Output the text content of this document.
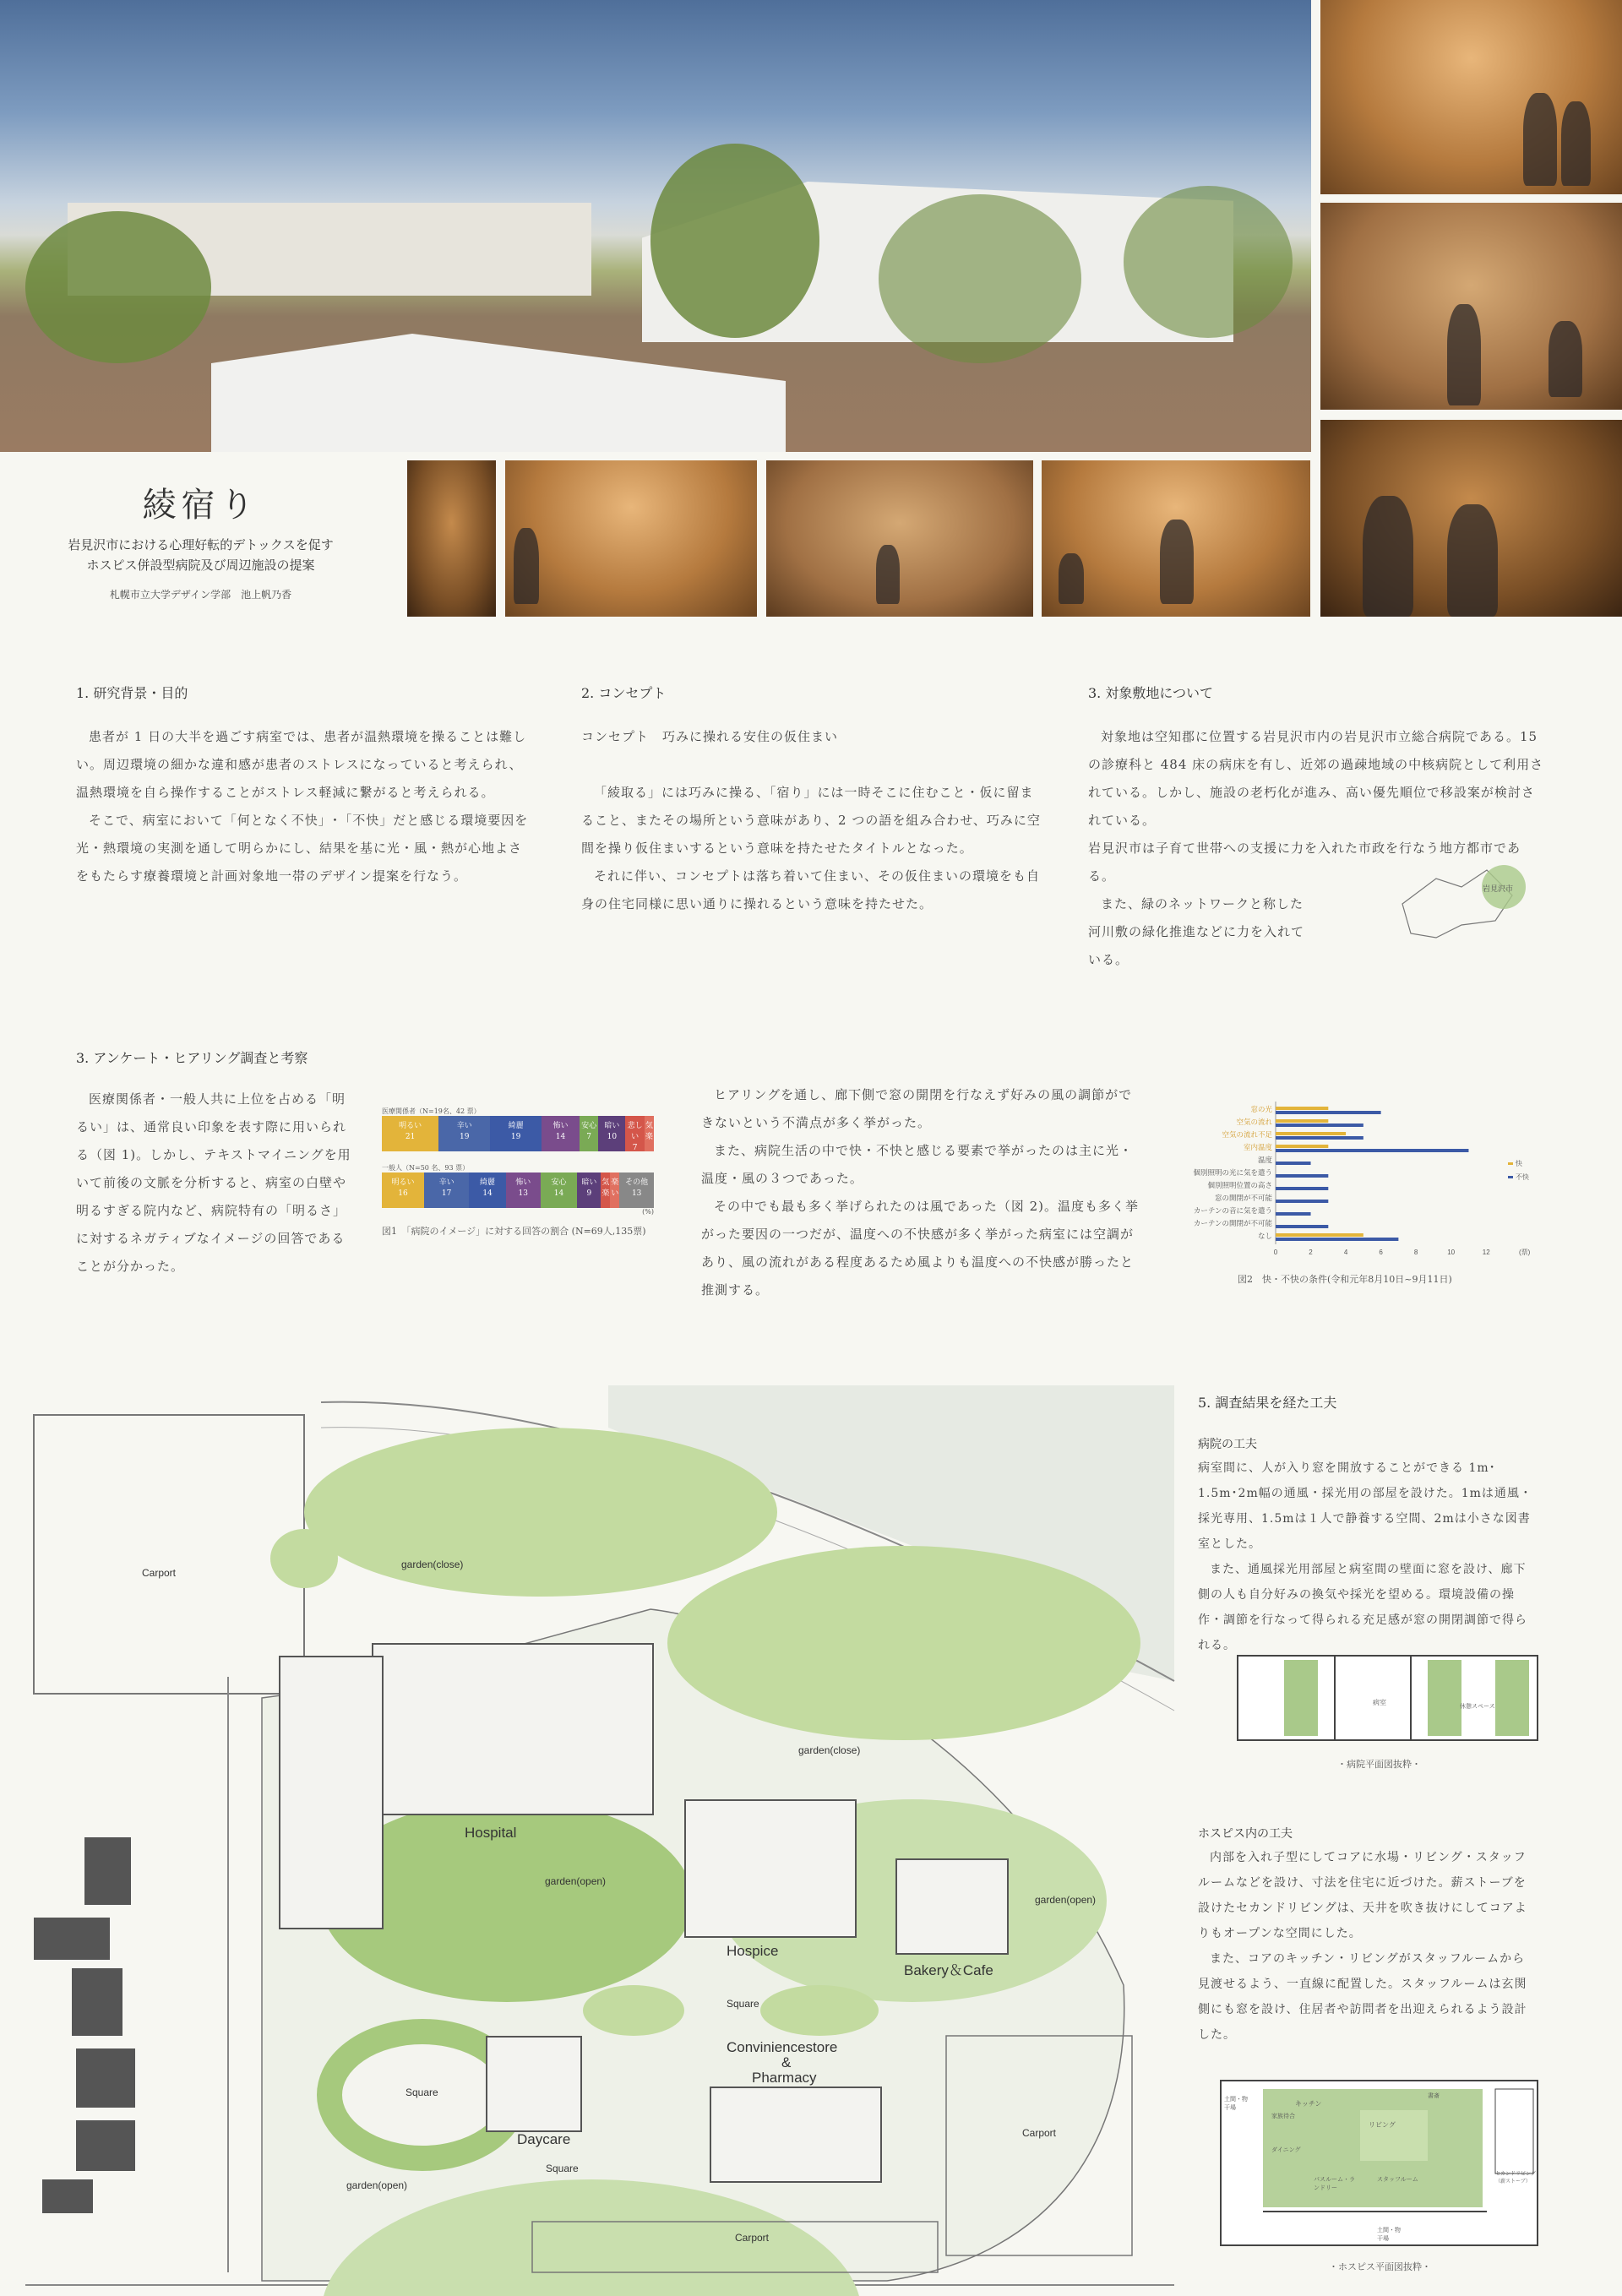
綾宿り
岩見沢市における心理好転的デトックスを促す
ホスピス併設型病院及び周辺施設の提案
札幌市立大学デザイン学部　池上帆乃香
1. 研究背景・目的

患者が 1 日の大半を過ごす病室では、患者が温熱環境を操ることは難しい。周辺環境の細かな違和感が患者のストレスになっていると考えられ、温熱環境を自ら操作することがストレス軽減に繋がると考えられる。

そこで、病室において「何となく不快」･「不快」だと感じる環境要因を光・熱環境の実測を通して明らかにし、結果を基に光・風・熱が心地よさをもたらす療養環境と計画対象地一帯のデザイン提案を行なう。

2. コンセプト
コンセプト　巧みに操れる安住の仮住まい

「綾取る」には巧みに操る、「宿り」には一時そこに住むこと・仮に留まること、またその場所という意味があり、2 つの語を組み合わせ、巧みに空間を操り仮住まいするという意味を持たせたタイトルとなった。

それに伴い、コンセプトは落ち着いて住まい、その仮住まいの環境をも自身の住宅同様に思い通りに操れるという意味を持たせた。

3. 対象敷地について

対象地は空知郡に位置する岩見沢市内の岩見沢市立総合病院である。15 の診療科と 484 床の病床を有し、近郊の過疎地域の中核病院として利用されている。しかし、施設の老朽化が進み、高い優先順位で移設案が検討されている。

岩見沢市は子育て世帯への支援に力を入れた市政を行なう地方都市である。

また、緑のネットワークと称した河川敷の緑化推進などに力を入れている。

岩見沢市
3. アンケート・ヒアリング調査と考察

医療関係者・一般人共に上位を占める「明るい」は、通常良い印象を表す際に用いられる（図 1)。しかし、テキストマイニングを用いて前後の文脈を分析すると、病室の白壁や明るすぎる院内など、病院特有の「明るさ」に対するネガティブなイメージの回答であることが分かった。

医療関係者（N=19名、42 票）
明るい
21
辛い
19
綺麗
19
怖い
14
安心
7
暗い
10
悲しい
7
気楽

一般人（N=50 名、93 票）
明るい
16
辛い
17
綺麗
14
怖い
13
安心
14
暗い
9
気楽

楽い

その他
13
(%)
図1　「病院のイメージ」に対する回答の割合 (N=69人,135票)

ヒアリングを通し、廊下側で窓の開閉を行なえず好みの風の調節ができないという不満点が多く挙がった。

また、病院生活の中で快・不快と感じる要素で挙がったのは主に光・温度・風の３つであった。

その中でも最も多く挙げられたのは風であった（図 2)。温度も多く挙がった要因の一つだが、温度への不快感が多く挙がった病室には空調があり、風の流れがある程度あるため風よりも温度への不快感が勝ったと推測する。

窓の光
空気の流れ
空気の流れ不足
室内温度
温度
個別照明の光に気を遣う
個別照明位置の高さ
窓の開閉が不可能
カーテンの音に気を遣う
カーテンの開閉が不可能
なし
0	2	4	6	8	10	12	(票)
快
不快
図2　快・不快の条件(令和元年8月10日~9月11日)
Carport
garden(close)
garden(close)
Hospital
garden(open)
Hospice
garden(open)
Bakery＆Cafe
Square
Conviniencestore
&
Pharmacy
Square
Daycare
Square
garden(open)
Carport
Carport
5. 調査結果を経た工夫
病院の工夫

病室間に、人が入り窓を開放することができる 1m･1.5m･2m幅の通風・採光用の部屋を設けた。1mは通風・採光専用、1.5mは１人で静養する空間、2mは小さな図書室とした。

また、通風採光用部屋と病室間の壁面に窓を設け、廊下側の人も自分好みの換気や採光を望める。環境設備の操作・調節を行なって得られる充足感が窓の開閉調節で得られる。

病室	休憩スペース
・病院平面図抜粋・
ホスピス内の工夫

内部を入れ子型にしてコアに水場・リビング・スタッフルームなどを設け、寸法を住宅に近づけた。薪ストーブを設けたセカンドリビングは、天井を吹き抜けにしてコアよりもオープンな空間にした。

また、コアのキッチン・リビングがスタッフルームから見渡せるよう、一直線に配置した。スタッフルームは玄関側にも窓を設け、住居者や訪問者を出迎えられるよう設計した。

キッチン
家族待合
書斎
リビング
ダイニング
セカンドリビング（薪ストーブ）
スタッフルーム
パスルーム・ランドリー
土間・物干場
土間・物干場
・ホスピス平面図抜粋・
